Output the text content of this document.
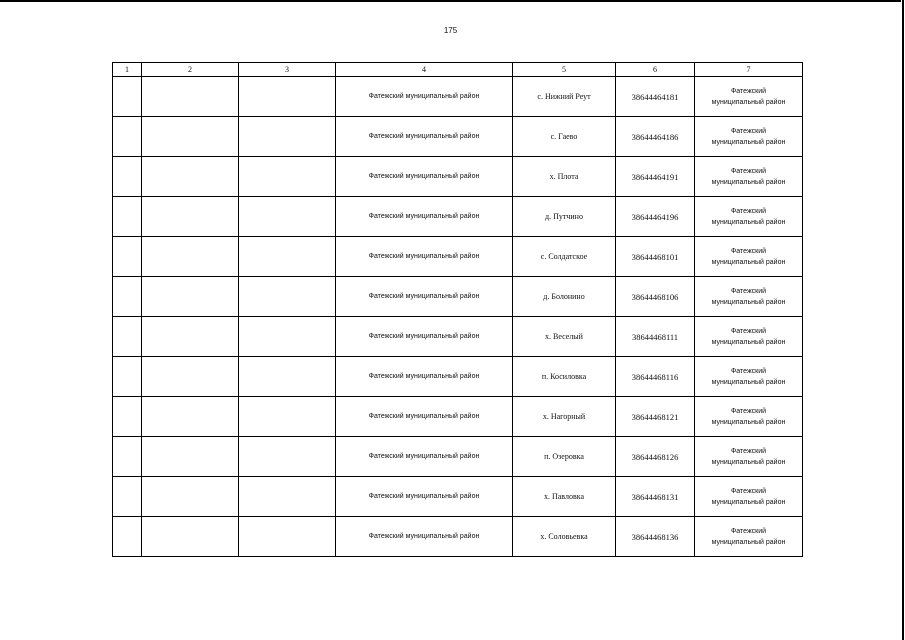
175
1	2	3	4	5	6	7
			Фатежский муниципальный район	с. Нижний Реут	38644464181	Фатежский
муниципальный район

			Фатежский муниципальный район	с. Гаево	38644464186	Фатежский
муниципальный район

			Фатежский муниципальный район	х. Плота	38644464191	Фатежский
муниципальный район

			Фатежский муниципальный район	д. Путчино	38644464196	Фатежский
муниципальный район

			Фатежский муниципальный район	с. Солдатское	38644468101	Фатежский
муниципальный район

			Фатежский муниципальный район	д. Болонино	38644468106	Фатежский
муниципальный район

			Фатежский муниципальный район	х. Веселый	38644468111	Фатежский
муниципальный район

			Фатежский муниципальный район	п. Косиловка	38644468116	Фатежский
муниципальный район

			Фатежский муниципальный район	х. Нагорный	38644468121	Фатежский
муниципальный район

			Фатежский муниципальный район	п. Озеровка	38644468126	Фатежский
муниципальный район

			Фатежский муниципальный район	х. Павловка	38644468131	Фатежский
муниципальный район

			Фатежский муниципальный район	х. Соловьевка	38644468136	Фатежский
муниципальный район
